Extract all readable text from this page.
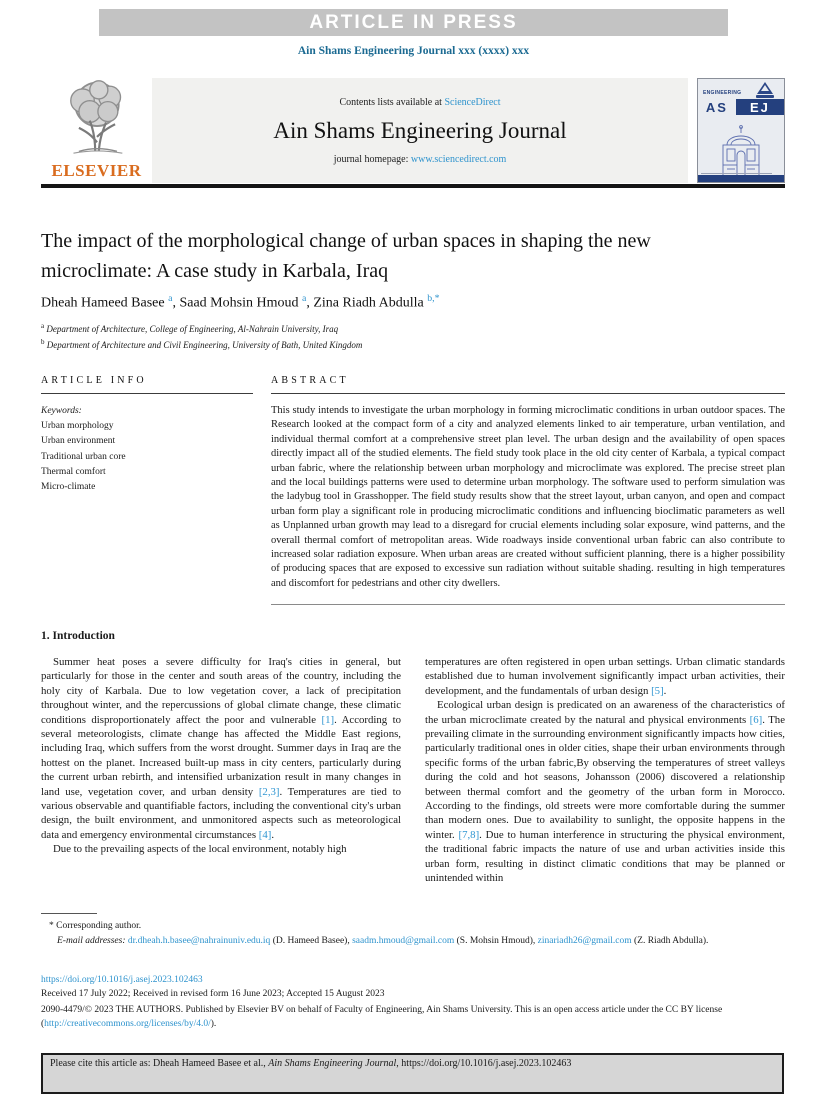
ARTICLE IN PRESS
Ain Shams Engineering Journal xxx (xxxx) xxx
ELSEVIER
Contents lists available at ScienceDirect
Ain Shams Engineering Journal
journal homepage: www.sciencedirect.com
ENGINEERING
AS	EJ
The impact of the morphological change of urban spaces in shaping the new microclimate: A case study in Karbala, Iraq
Dheah Hameed Basee $^a$, Saad Mohsin Hmoud $^a$, Zina Riadh Abdulla $^{b,*}$
$^a$ Department of Architecture, College of Engineering, Al-Nahrain University, Iraq
$^b$ Department of Architecture and Civil Engineering, University of Bath, United Kingdom
ARTICLE INFO
Keywords:
Urban morphology
Urban environment
Traditional urban core
Thermal comfort
Micro-climate
ABSTRACT
This study intends to investigate the urban morphology in forming microclimatic conditions in urban outdoor spaces. The Research looked at the compact form of a city and analyzed elements linked to air temperature, urban ventilation, and individual thermal comfort at a comprehensive street plan level. The urban design and the availability of open spaces directly impact all of the studied elements. The field study took place in the old city center of Karbala, a typical compact urban fabric, where the relationship between urban morphology and microclimate was explored. The precise street plan and the local buildings patterns were used to determine urban morphology. The software used to perform simulation was the ladybug tool in Grasshopper. The field study results show that the street layout, urban canyon, and open and compact urban form play a significant role in producing microclimatic conditions and influencing bioclimatic parameters as well as Unplanned urban growth may lead to a disregard for crucial elements including solar exposure, wind patterns, and the overall thermal comfort of metropolitan areas. Wide roadways inside conventional urban fabric can also contribute to increased solar radiation exposure. When urban areas are created without sufficient planning, there is a higher possibility of producing spaces that are exposed to excessive sun radiation without suitable shading. resulting in high temperatures and discomfort for pedestrians and other city dwellers.
1. Introduction

Summer heat poses a severe difficulty for Iraq's cities in general, but particularly for those in the center and south areas of the country, including the holy city of Karbala. Due to low vegetation cover, a lack of precipitation throughout winter, and the repercussions of global climate change, these climatic conditions disproportionately affect the poor and vulnerable [1]. According to several meteorologists, climate change has affected the Middle East regions, including Iraq, which suffers from the worst drought. Summer days in Iraq are the hottest on the planet. Increased built-up mass in city centers, particularly during the current urban rebirth, and intensified urbanization result in many changes in land use, vegetation cover, and urban density [2,3]. Temperatures are tied to various observable and quantifiable factors, including the conventional city's urban design, the built environment, and unmonitored aspects such as meteorological data and emergency environmental circumstances [4].

Due to the prevailing aspects of the local environment, notably high

temperatures are often registered in open urban settings. Urban climatic standards established due to human involvement significantly impact urban activities, their development, and the fundamentals of urban design [5].

Ecological urban design is predicated on an awareness of the characteristics of the urban microclimate created by the natural and physical environments [6]. The prevailing climate in the surrounding environment significantly impacts how cities, particularly traditional ones in older cities, shape their urban environments through specific forms of the urban fabric,By observing the temperatures of street valleys during the cold and hot seasons, Johansson (2006) discovered a relationship between thermal comfort and the geometry of the urban form in Morocco. According to the findings, old streets were more comfortable during the summer than modern ones. Due to availability to sunlight, the opposite happens in the winter. [7,8]. Due to human interference in structuring the physical environment, the traditional fabric impacts the nature of use and urban activities inside this urban form, resulting in distinct climatic conditions that may be planned or unintended within

* Corresponding author.
E-mail addresses: dr.dheah.h.basee@nahrainuniv.edu.iq (D. Hameed Basee), saadm.hmoud@gmail.com (S. Mohsin Hmoud), zinariadh26@gmail.com (Z. Riadh Abdulla).
https://doi.org/10.1016/j.asej.2023.102463
Received 17 July 2022; Received in revised form 16 June 2023; Accepted 15 August 2023
2090-4479/© 2023 THE AUTHORS. Published by Elsevier BV on behalf of Faculty of Engineering, Ain Shams University. This is an open access article under the CC BY license (http://creativecommons.org/licenses/by/4.0/).
Please cite this article as: Dheah Hameed Basee et al., Ain Shams Engineering Journal, https://doi.org/10.1016/j.asej.2023.102463
